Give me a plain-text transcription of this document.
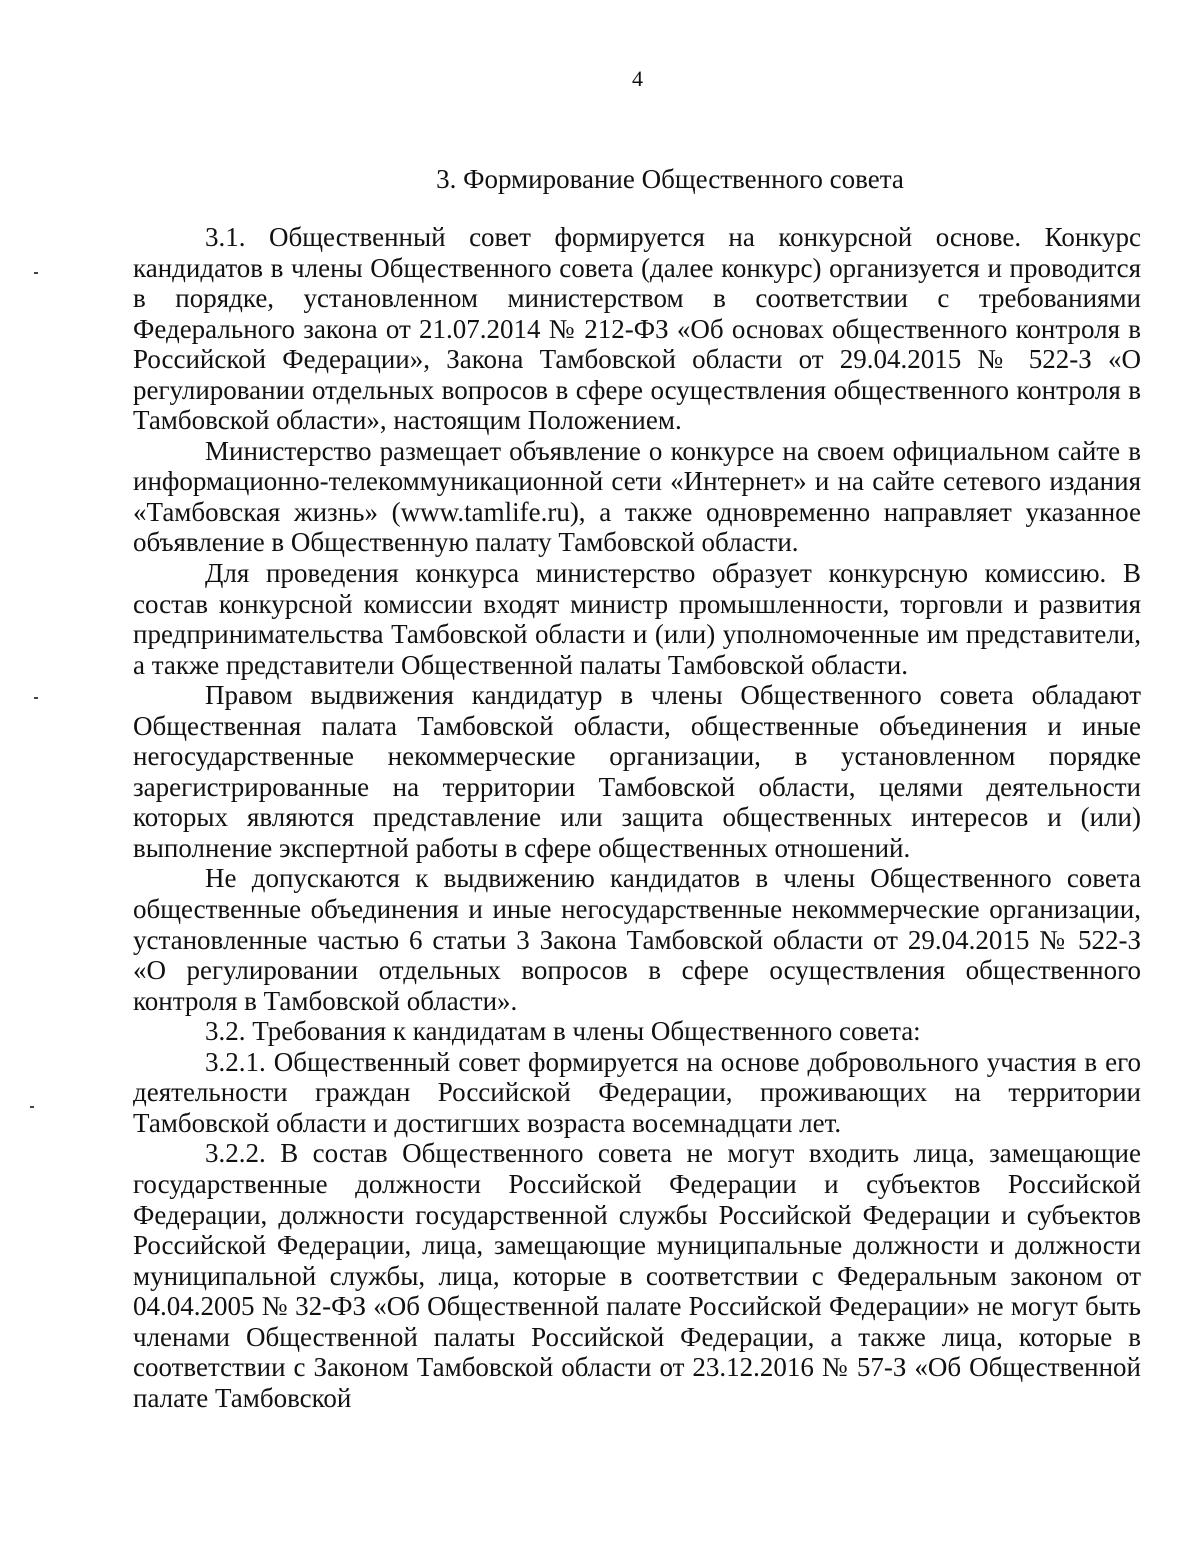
4
3. Формирование Общественного совета

3.1. Общественный совет формируется на конкурсной основе. Конкурс кандидатов в члены Общественного совета (далее конкурс) организуется и проводится в порядке, установленном министерством в соответствии с требованиями Федерального закона от 21.07.2014 № 212-ФЗ «Об основах общественного контроля в Российской Федерации», Закона Тамбовской области от 29.04.2015 № 522-З «О регулировании отдельных вопросов в сфере осуществления общественного контроля в Тамбовской области», настоящим Положением.

Министерство размещает объявление о конкурсе на своем официальном сайте в информационно-телекоммуникационной сети «Интернет» и на сайте сетевого издания «Тамбовская жизнь» (www.tamlife.ru), а также одновременно направляет указанное объявление в Общественную палату Тамбовской области.

Для проведения конкурса министерство образует конкурсную комиссию. В состав конкурсной комиссии входят министр промышленности, торговли и развития предпринимательства Тамбовской области и (или) уполномоченные им представители, а также представители Общественной палаты Тамбовской области.

Правом выдвижения кандидатур в члены Общественного совета обладают Общественная палата Тамбовской области, общественные объединения и иные негосударственные некоммерческие организации, в установленном порядке зарегистрированные на территории Тамбовской области, целями деятельности которых являются представление или защита общественных интересов и (или) выполнение экспертной работы в сфере общественных отношений.

Не допускаются к выдвижению кандидатов в члены Общественного совета общественные объединения и иные негосударственные некоммерческие организации, установленные частью 6 статьи 3 Закона Тамбовской области от 29.04.2015 № 522-З «О регулировании отдельных вопросов в сфере осуществления общественного контроля в Тамбовской области».

3.2. Требования к кандидатам в члены Общественного совета:

3.2.1. Общественный совет формируется на основе добровольного участия в его деятельности граждан Российской Федерации, проживающих на территории Тамбовской области и достигших возраста восемнадцати лет.

3.2.2. В состав Общественного совета не могут входить лица, замещающие государственные должности Российской Федерации и субъектов Российской Федерации, должности государственной службы Российской Федерации и субъектов Российской Федерации, лица, замещающие муниципальные должности и должности муниципальной службы, лица, которые в соответствии с Федеральным законом от 04.04.2005 № 32-ФЗ «Об Общественной палате Российской Федерации» не могут быть членами Общественной палаты Российской Федерации, а также лица, которые в соответствии с Законом Тамбовской области от 23.12.2016 № 57-З «Об Общественной палате Тамбовской
